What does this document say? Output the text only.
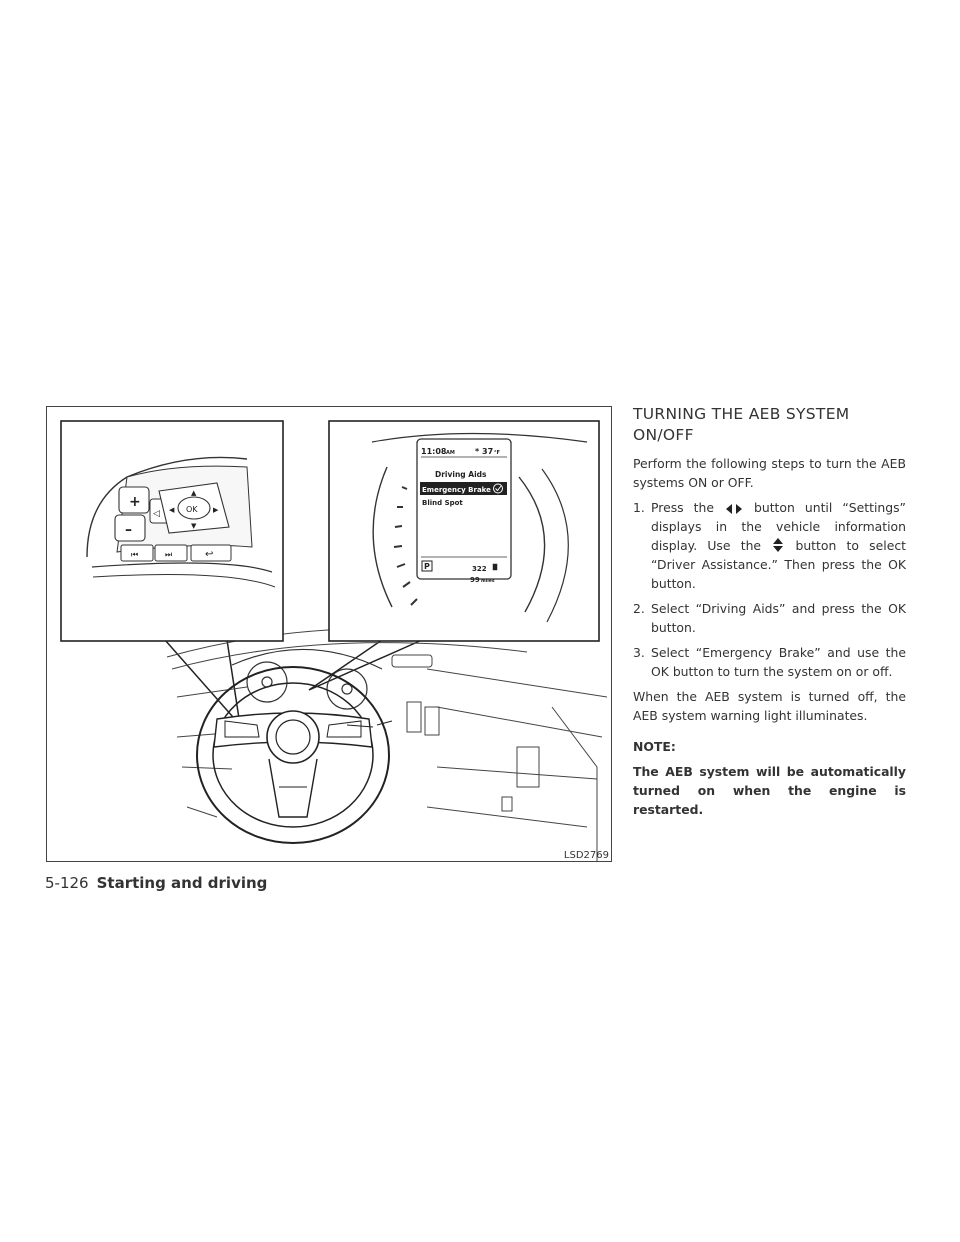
+
–
OK
◁
▲
▼
◀	▶
⏮	⏭	↩
11:08 AM	* 37 °F
Driving Aids
Emergency Brake
Blind Spot
322
99 miles
P
LSD2769
TURNING THE AEB SYSTEM
ON/OFF

Perform the following steps to turn the AEB systems ON or OFF.

1. Press the	button until “Settings” displays in the vehicle information display. Use the	button to select “Driver Assistance.” Then press the OK button.
2. Select “Driving Aids” and press the OK button.
3. Select “Emergency Brake” and use the OK button to turn the system on or off.

When the AEB system is turned off, the AEB system warning light illuminates.

NOTE:

The AEB system will be automatically turned on when the engine is restarted.

5-126 Starting and driving
